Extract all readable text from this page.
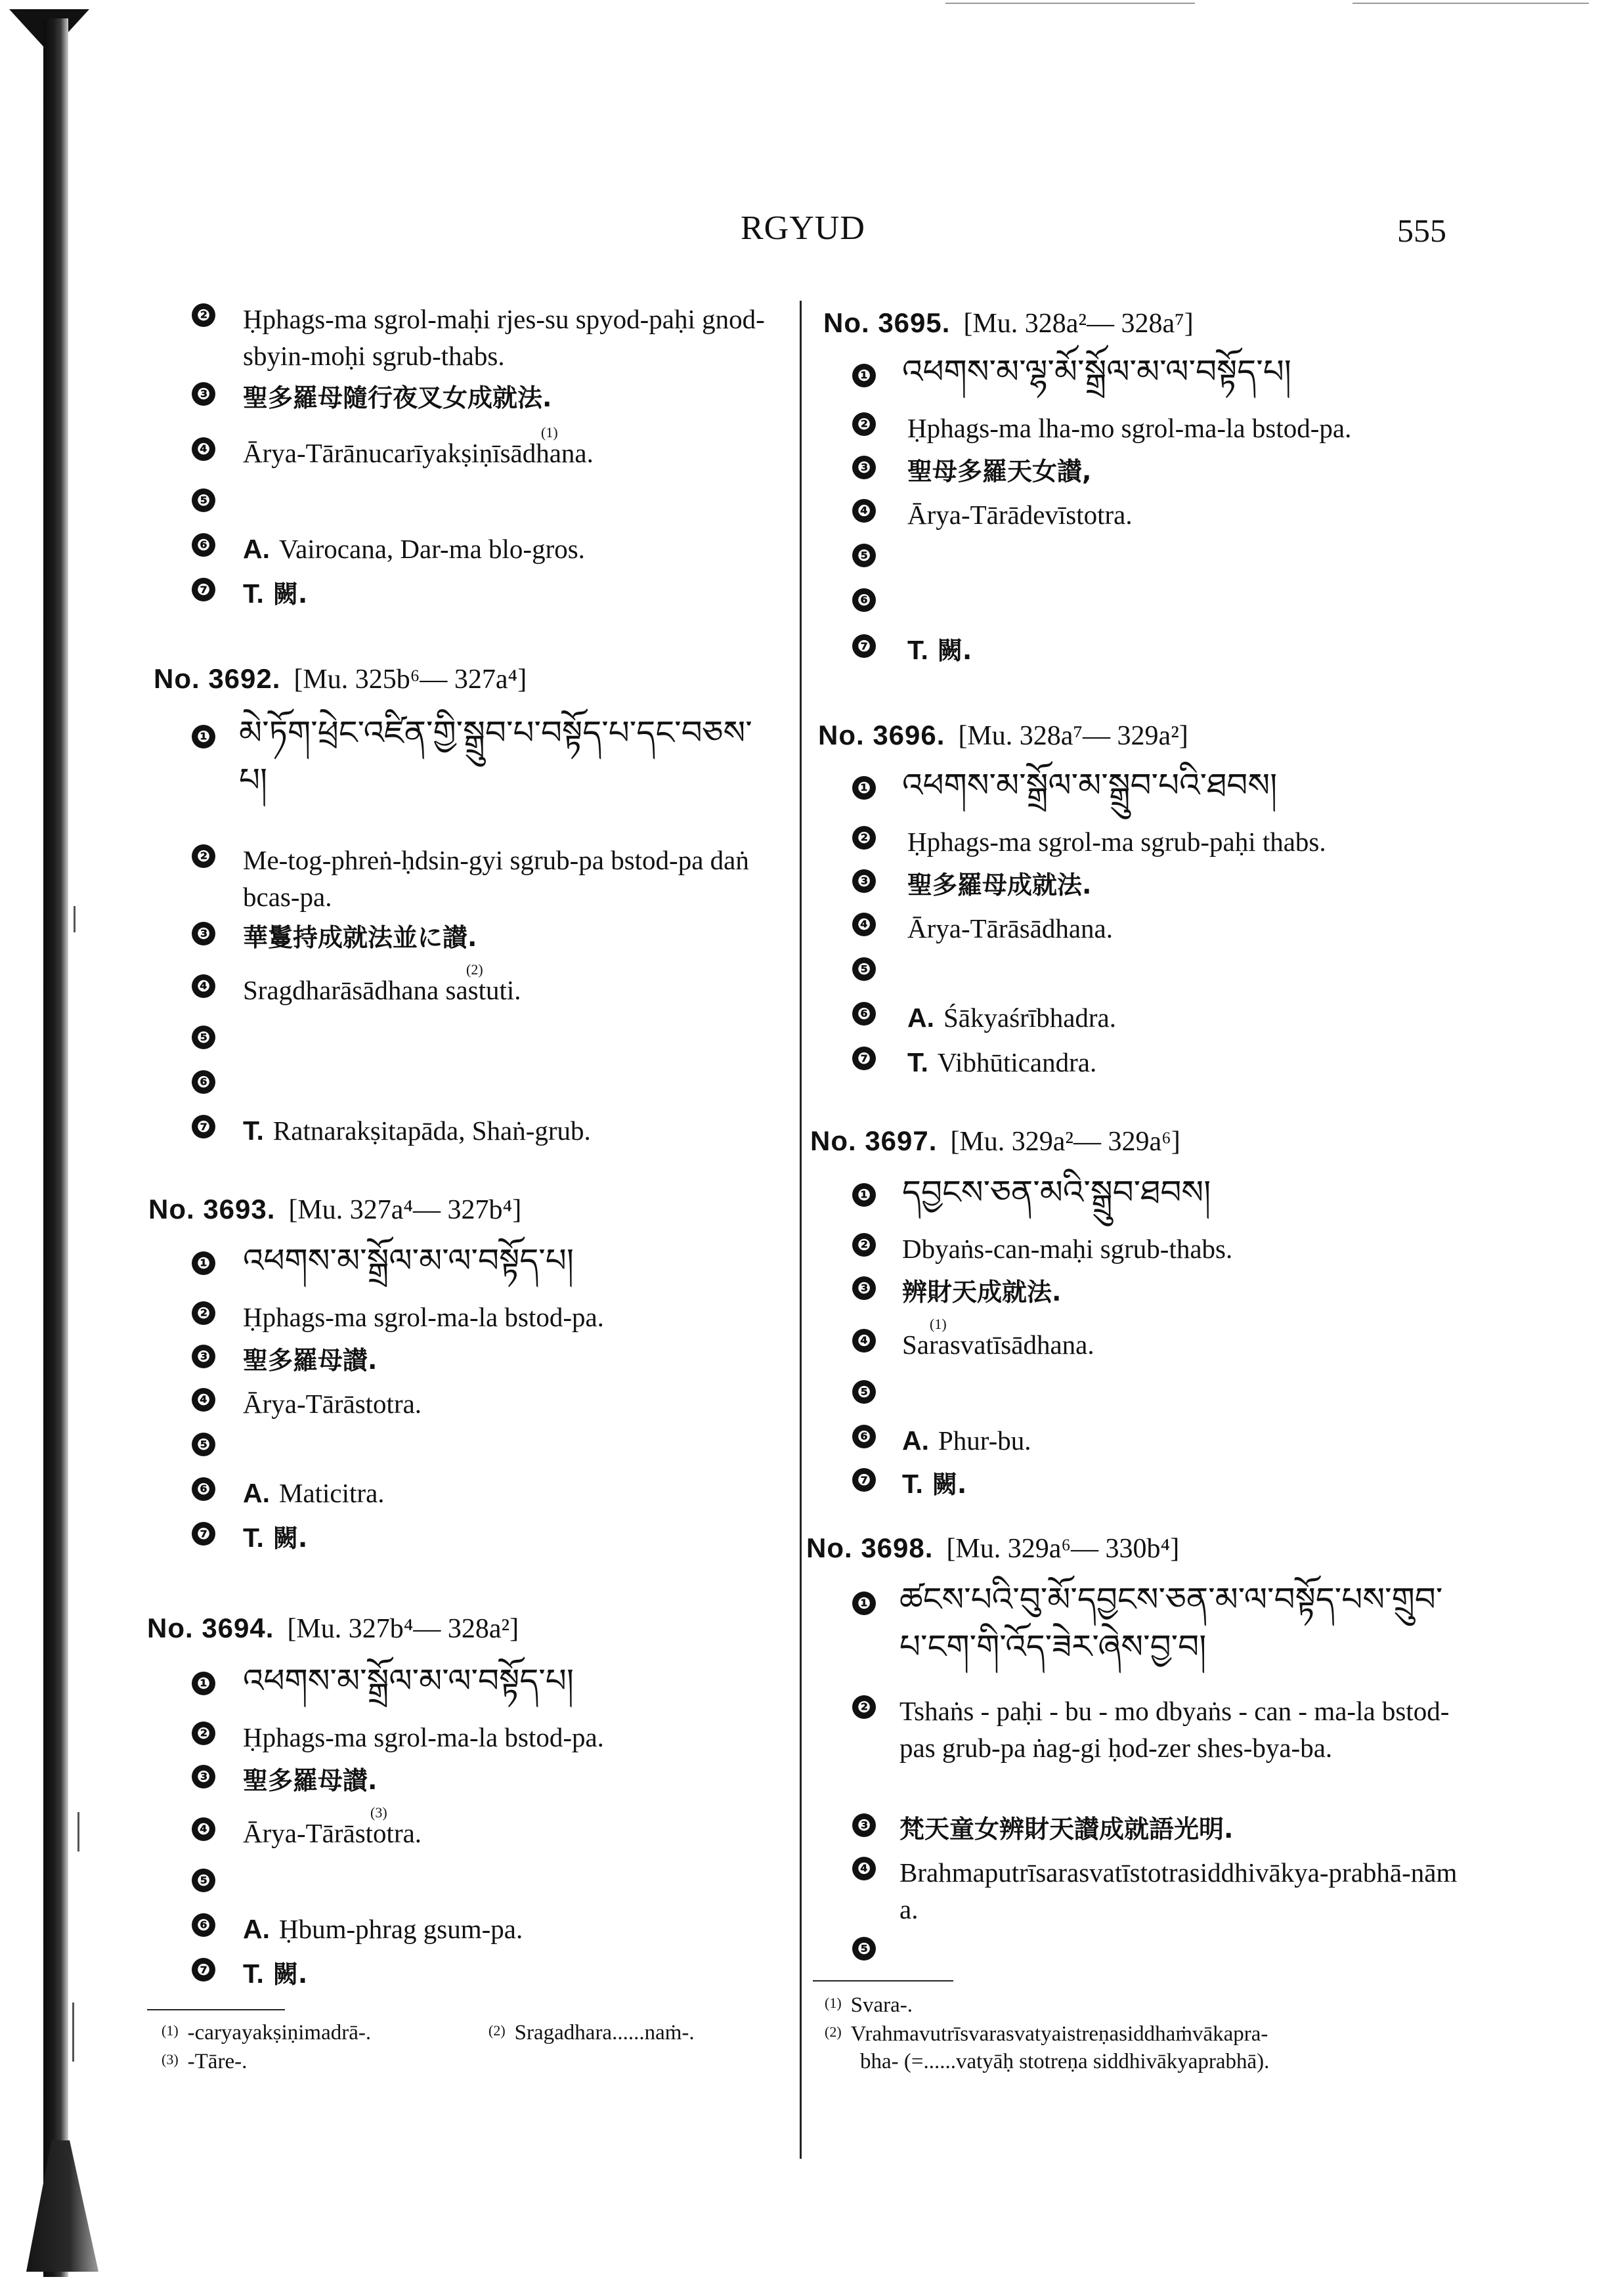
RGYUD	555
❷ Ḥphags-ma sgrol-maḥi rjes-su spyod-paḥi gnod-sbyin-moḥi sgrub-thabs.
❸ 聖多羅母隨行夜叉女成就法.
❹
(1)
Ārya-Tārānucarīyakṣiṇīsādhana.
❺
❻ A. Vairocana, Dar-ma blo-gros.
❼ T. 闕.
No. 3692. [Mu. 325b⁶— 327a⁴]
❶ མེ་ཏོག་ཕྲེང་འཛིན་གྱི་སྒྲུབ་པ་བསྟོད་པ་དང་བཅས་པ།
❷ Me-tog-phreṅ-ḥdsin-gyi sgrub-pa bstod-pa daṅ bcas-pa.
❸ 華鬘持成就法並に讃.
❹
(2)
Sragdharāsādhana sastuti.
❺
❻
❼ T. Ratnarakṣitapāda, Shaṅ-grub.
No. 3693. [Mu. 327a⁴— 327b⁴]
❶ འཕགས་མ་སྒྲོལ་མ་ལ་བསྟོད་པ།
❷ Ḥphags-ma sgrol-ma-la bstod-pa.
❸ 聖多羅母讃.
❹ Ārya-Tārāstotra.
❺
❻ A. Maticitra.
❼ T. 闕.
No. 3694. [Mu. 327b⁴— 328a²]
❶ འཕགས་མ་སྒྲོལ་མ་ལ་བསྟོད་པ།
❷ Ḥphags-ma sgrol-ma-la bstod-pa.
❸ 聖多羅母讃.
❹
(3)
Ārya-Tārāstotra.
❺
❻ A. Ḥbum-phrag gsum-pa.
❼ T. 闕.
(1) -caryayakṣiṇimadrā-.	(2) Sragadhara......naṁ-.
(3) -Tāre-.
No. 3695. [Mu. 328a²— 328a⁷]
❶ འཕགས་མ་ལྷ་མོ་སྒྲོལ་མ་ལ་བསྟོད་པ།
❷ Ḥphags-ma lha-mo sgrol-ma-la bstod-pa.
❸ 聖母多羅天女讃,
❹ Ārya-Tārādevīstotra.
❺
❻
❼ T. 闕.
No. 3696. [Mu. 328a⁷— 329a²]
❶ འཕགས་མ་སྒྲོལ་མ་སྒྲུབ་པའི་ཐབས།
❷ Ḥphags-ma sgrol-ma sgrub-paḥi thabs.
❸ 聖多羅母成就法.
❹ Ārya-Tārāsādhana.
❺
❻ A. Śākyaśrībhadra.
❼ T. Vibhūticandra.
No. 3697. [Mu. 329a²— 329a⁶]
❶ དབྱངས་ཅན་མའི་སྒྲུབ་ཐབས།
❷ Dbyaṅs-can-maḥi sgrub-thabs.
❸ 辨財天成就法.
❹
(1)
Sarasvatīsādhana.
❺
❻ A. Phur-bu.
❼ T. 闕.
No. 3698. [Mu. 329a⁶— 330b⁴]
❶ ཚངས་པའི་བུ་མོ་དབྱངས་ཅན་མ་ལ་བསྟོད་པས་གྲུབ་པ་ངག་གི་འོད་ཟེར་ཞེས་བྱ་བ།
❷ Tshaṅs - paḥi - bu - mo dbyaṅs - can - ma-la bstod-pas grub-pa ṅag-gi ḥod-zer shes-bya-ba.
❸ 梵天童女辨財天讃成就語光明.
❹ Brahmaputrīsarasvatīstotrasiddhivākya-prabhā-nāma.
❺
(1) Svara-.
(2) Vrahmavutrīsvarasvatyaistreṇasiddhaṁvākapra-
bha- (=......vatyāḥ stotreṇa siddhivākyaprabhā).
